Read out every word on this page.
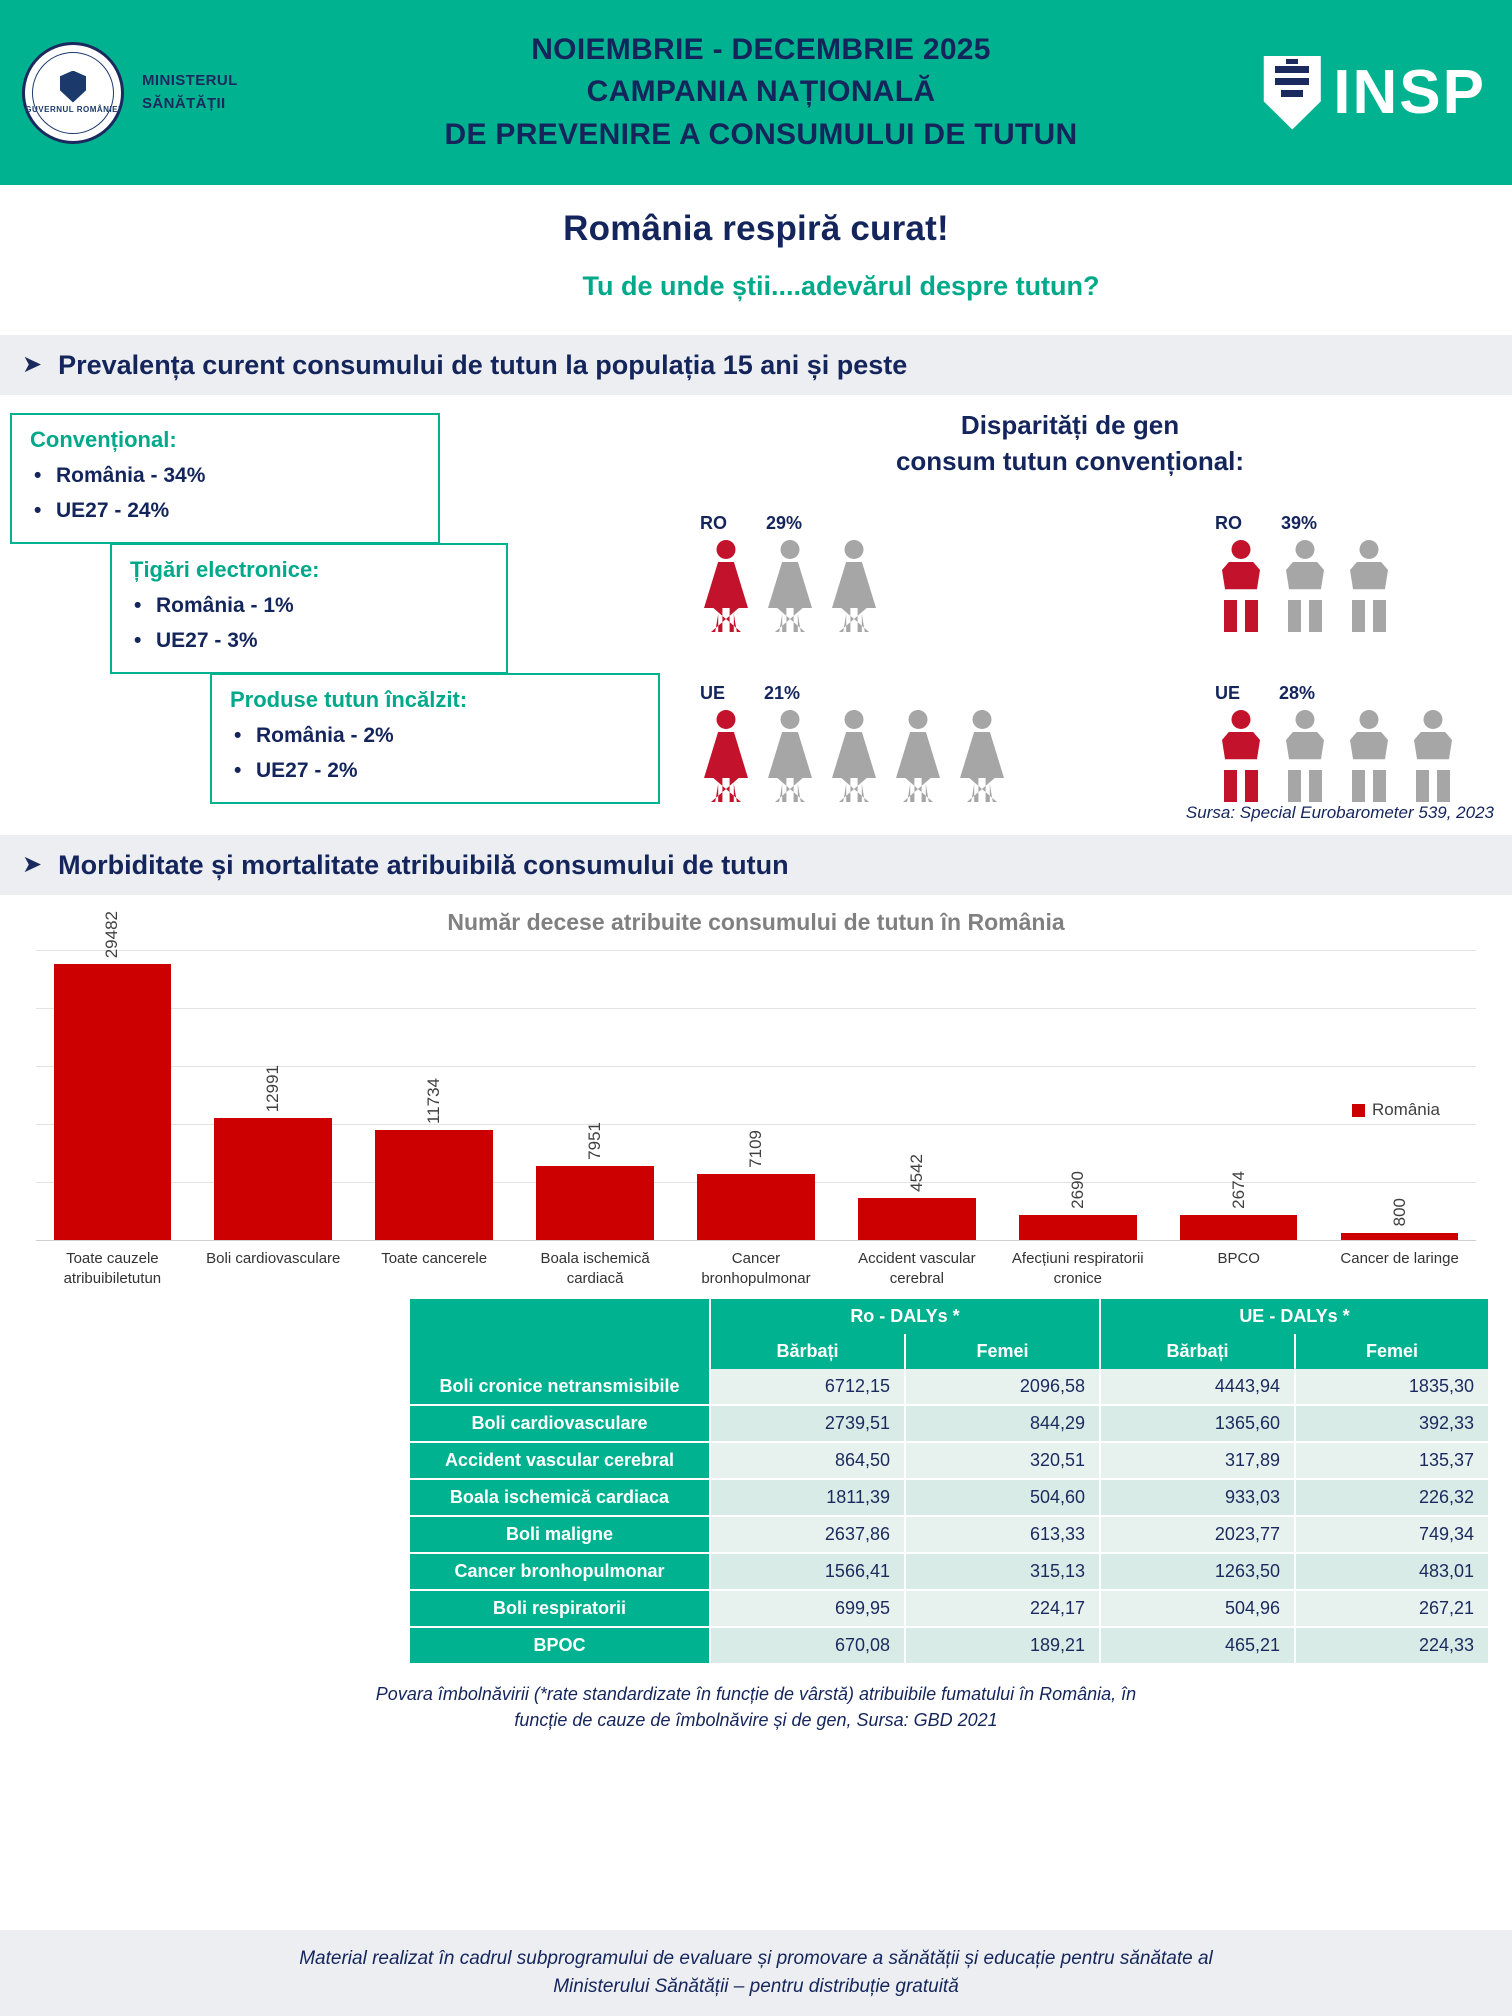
GUVERNUL ROMÂNIEI
MINISTERUL
SĂNĂTĂȚII
NOIEMBRIE - DECEMBRIE 2025
CAMPANIA NAȚIONALĂ
DE PREVENIRE A CONSUMULUI DE TUTUN
INSP
România respiră curat!
Tu de unde știi....adevărul despre tutun?
➤ Prevalența curent consumului de tutun la populația 15 ani și peste
Convențional:
• România - 34%
• UE27 - 24%
Țigări electronice:
• România - 1%
• UE27 - 3%
Produse tutun încălzit:
• România - 2%
• UE27 - 2%
Disparități de gen
consum tutun convențional:
RO 29%
UE 21%
RO 39%
UE 28%
Sursa: Special Eurobarometer 539, 2023
➤ Morbiditate și mortalitate atribuibilă consumului de tutun
Număr decese atribuite consumului de tutun în România
29482
12991	11734
7951	7109
4542	2690	2674
800
România
Toate cauzele atribuibiletutun
Boli cardiovasculare	Toate cancerele	Boala ischemică cardiacă
Cancer bronhopulmonar
Accident vascular cerebral
Afecțiuni respiratorii cronice
BPCO	Cancer de laringe
	Ro - DALYs *		UE - DALYs *	
	Bărbați	Femei	Bărbați	Femei
Boli cronice netransmisibile	6712,15	2096,58	4443,94	1835,30
Boli cardiovasculare	2739,51	844,29	1365,60	392,33
Accident vascular cerebral	864,50	320,51	317,89	135,37
Boala ischemică cardiaca	1811,39	504,60	933,03	226,32
Boli maligne	2637,86	613,33	2023,77	749,34
Cancer bronhopulmonar	1566,41	315,13	1263,50	483,01
Boli respiratorii	699,95	224,17	504,96	267,21
BPOC	670,08	189,21	465,21	224,33
Povara îmbolnăvirii (*rate standardizate în funcție de vârstă) atribuibile fumatului în România, în
funcție de cauze de îmbolnăvire și de gen, Sursa: GBD 2021
Material realizat în cadrul subprogramului de evaluare și promovare a sănătății și educație pentru sănătate al
Ministerului Sănătății – pentru distribuție gratuită
